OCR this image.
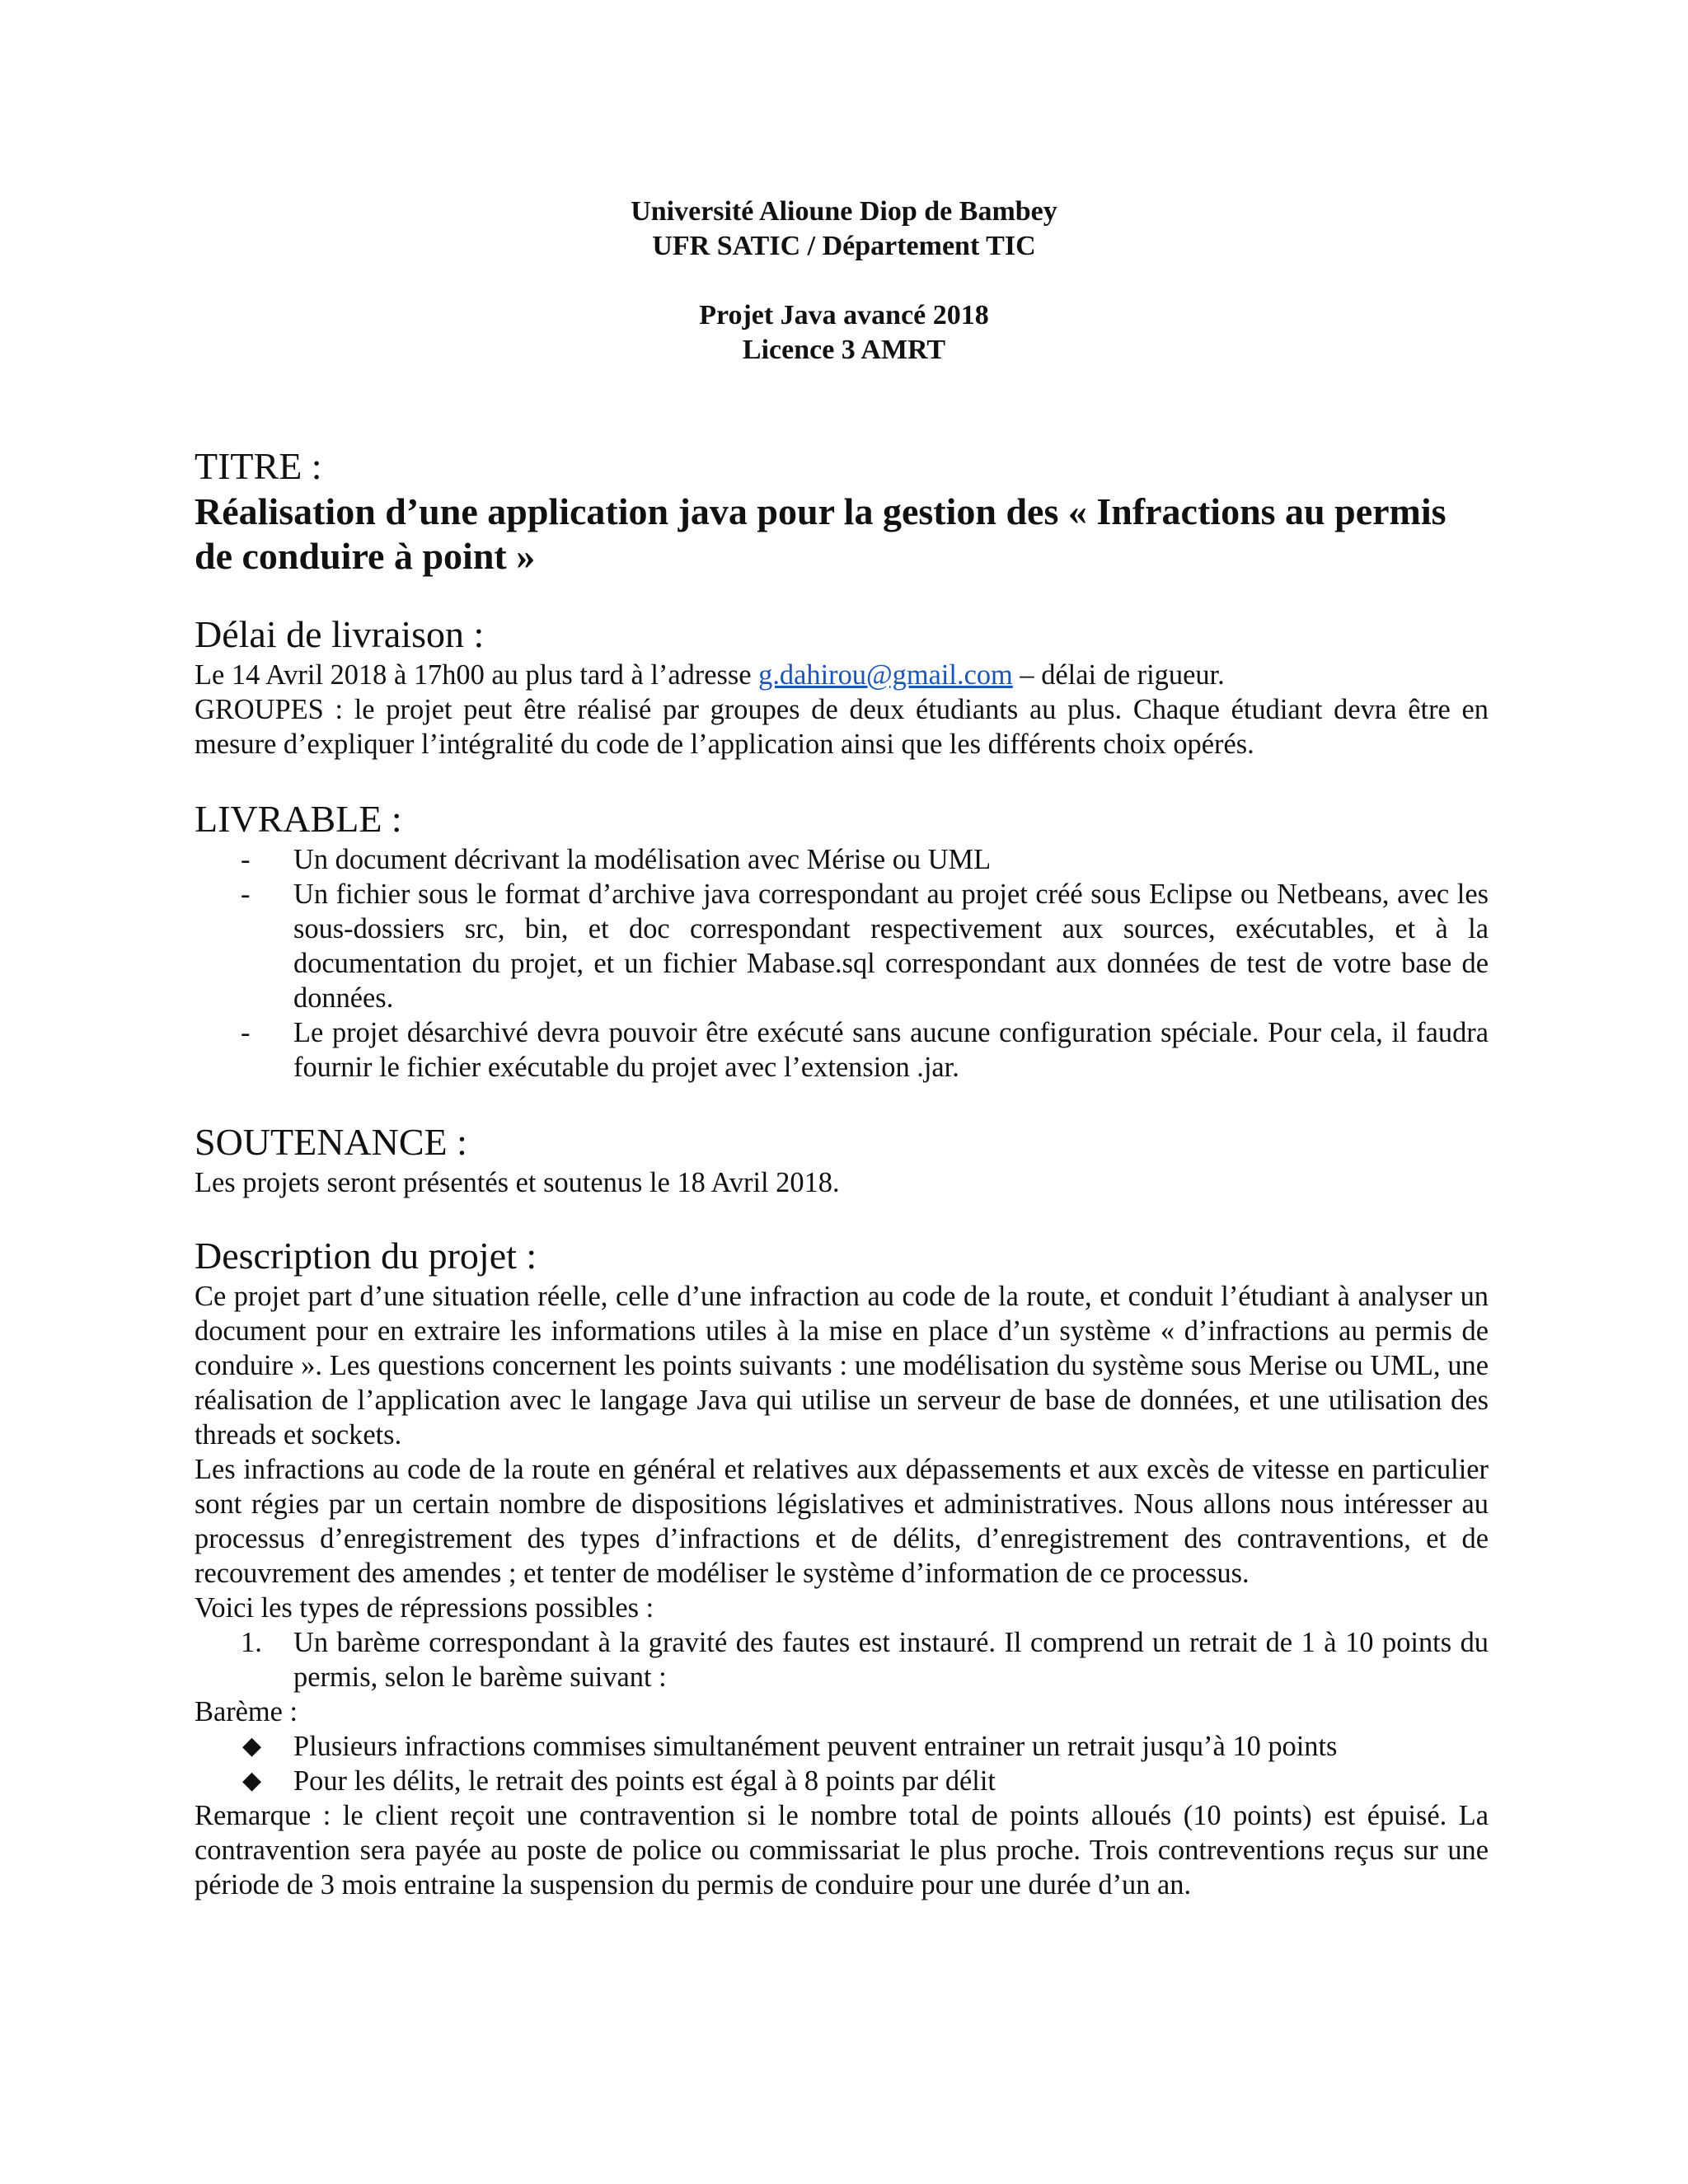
Université Alioune Diop de Bambey
UFR SATIC / Département TIC
Projet Java avancé 2018
Licence 3 AMRT

TITRE :

Réalisation d’une application java pour la gestion des « Infractions au permis

de conduire à point »

Délai de livraison :

Le 14 Avril 2018 à 17h00 au plus tard à l’adresse g.dahirou@gmail.com – délai de rigueur.

GROUPES : le projet peut être réalisé par groupes de deux étudiants au plus. Chaque étudiant devra être en mesure d’expliquer l’intégralité du code de l’application ainsi que les différents choix opérés.

LIVRABLE :

- Un document décrivant la modélisation avec Mérise ou UML
- Un fichier sous le format d’archive java correspondant au projet créé sous Eclipse ou Netbeans, avec les sous-dossiers src, bin, et doc correspondant respectivement aux sources, exécutables, et à la documentation du projet, et un fichier Mabase.sql correspondant aux données de test de votre base de données.
- Le projet désarchivé devra pouvoir être exécuté sans aucune configuration spéciale. Pour cela, il faudra fournir le fichier exécutable du projet avec l’extension .jar.

SOUTENANCE :

Les projets seront présentés et soutenus le 18 Avril 2018.

Description du projet :

Ce projet part d’une situation réelle, celle d’une infraction au code de la route, et conduit l’étudiant à analyser un document pour en extraire les informations utiles à la mise en place d’un système « d’infractions au permis de conduire ». Les questions concernent les points suivants : une modélisation du système sous Merise ou UML, une réalisation de l’application avec le langage Java qui utilise un serveur de base de données, et une utilisation des threads et sockets.

Les infractions au code de la route en général et relatives aux dépassements et aux excès de vitesse en particulier sont régies par un certain nombre de dispositions législatives et administratives. Nous allons nous intéresser au processus d’enregistrement des types d’infractions et de délits, d’enregistrement des contraventions, et de recouvrement des amendes ; et tenter de modéliser le système d’information de ce processus.

Voici les types de répressions possibles :

1. Un barème correspondant à la gravité des fautes est instauré. Il comprend un retrait de 1 à 10 points du permis, selon le barème suivant :

Barème :

◆ Plusieurs infractions commises simultanément peuvent entrainer un retrait jusqu’à 10 points
◆ Pour les délits, le retrait des points est égal à 8 points par délit

Remarque : le client reçoit une contravention si le nombre total de points alloués (10 points) est épuisé. La contravention sera payée au poste de police ou commissariat le plus proche. Trois contreventions reçus sur une période de 3 mois entraine la suspension du permis de conduire pour une durée d’un an.
